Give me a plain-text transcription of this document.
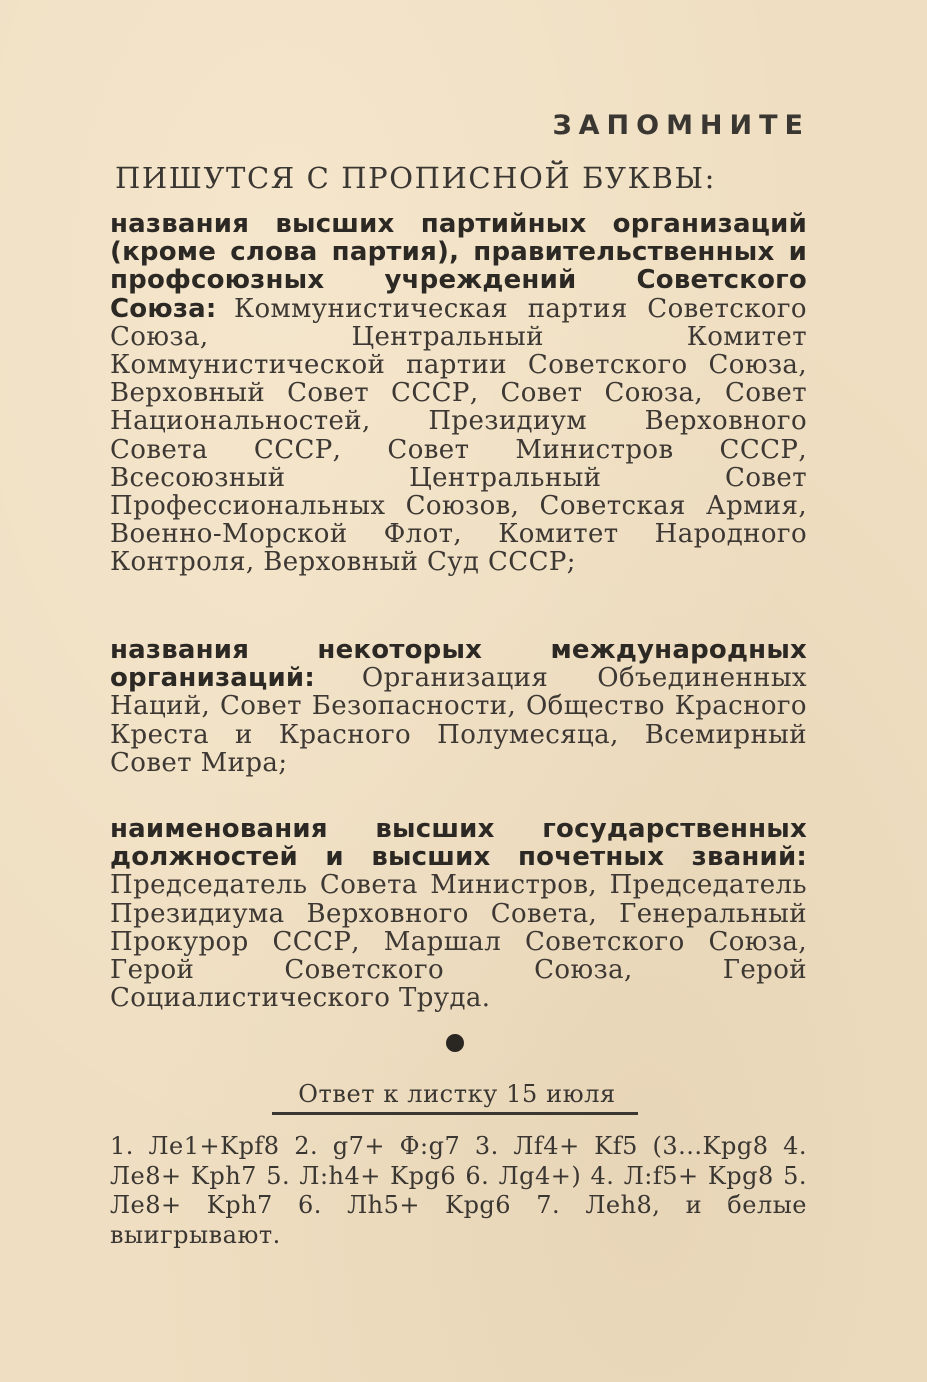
ЗАПОМНИТЕ
ПИШУТСЯ С ПРОПИСНОЙ БУКВЫ:
названия высших партийных организаций (кроме слова партия), правительственных и профсоюзных учреждений Советского Союза: Коммунистическая партия Советского Союза, Центральный Комитет Коммунистической партии Советского Союза, Верховный Совет СССР, Совет Союза, Совет Национальностей, Президиум Верховного Совета СССР, Совет Министров СССР, Всесоюзный Центральный Совет Профессиональных Союзов, Советская Армия, Военно-Морской Флот, Комитет Народного Контроля, Верховный Суд СССР;
названия некоторых международных организаций: Организация Объединенных Наций, Совет Безопасности, Общество Красного Креста и Красного Полумесяца, Всемирный Совет Мира;
наименования высших государственных должностей и высших почетных званий: Председатель Совета Министров, Председатель Президиума Верховного Совета, Генеральный Прокурор СССР, Маршал Советского Союза, Герой Советского Союза, Герой Социалистического Труда.
Ответ к листку 15 июля
1. Лe1+Kpf8 2. g7+ Ф:g7 3. Лf4+ Kf5 (3...Kpg8 4. Лe8+ Kph7 5. Л:h4+ Kpg6 6. Лg4+) 4. Л:f5+ Kpg8 5. Лe8+ Kph7 6. Лh5+ Kpg6 7. Лeh8, и белые выигрывают.
